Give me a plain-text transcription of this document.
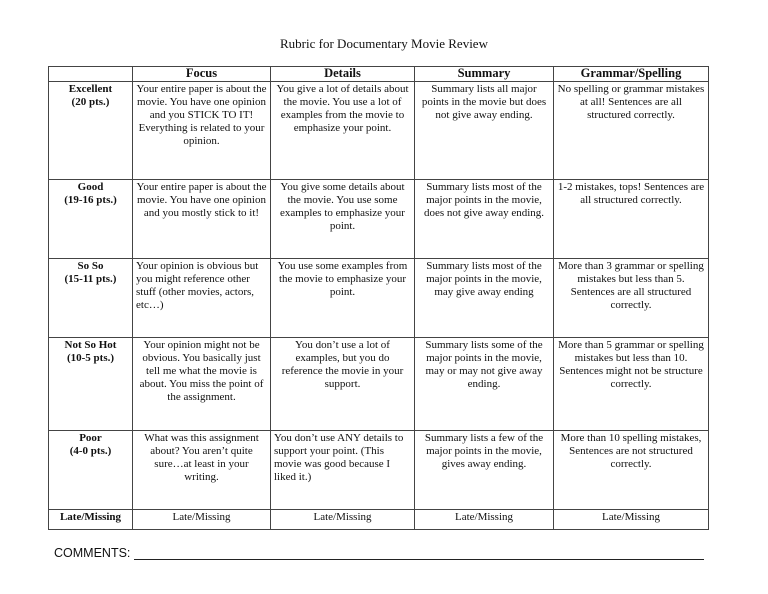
Rubric for Documentary Movie Review
	Focus	Details	Summary	Grammar/Spelling

Excellent
(20 pts.)	Your entire paper is about the movie. You have one opinion and you STICK TO IT! Everything is related to your opinion.	You give a lot of details about the movie. You use a lot of examples from the movie to emphasize your point.	Summary lists all major points in the movie but does not give away ending.	No spelling or grammar mistakes at all! Sentences are all structured correctly.

Good
(19-16 pts.)	Your entire paper is about the movie. You have one opinion and you mostly stick to it!	You give some details about the movie. You use some examples to emphasize your point.	Summary lists most of the major points in the movie, does not give away ending.	1-2 mistakes, tops! Sentences are all structured correctly.

So So
(15-11 pts.)	Your opinion is obvious but you might reference other stuff (other movies, actors, etc…)	You use some examples from the movie to emphasize your point.	Summary lists most of the major points in the movie, may give away ending	More than 3 grammar or spelling mistakes but less than 5. Sentences are all structured correctly.

Not So Hot
(10-5 pts.)	Your opinion might not be obvious. You basically just tell me what the movie is about. You miss the point of the assignment.	You don’t use a lot of examples, but you do reference the movie in your support.	Summary lists some of the major points in the movie, may or may not give away ending.	More than 5 grammar or spelling mistakes but less than 10. Sentences might not be structure correctly.

Poor
(4-0 pts.)	What was this assignment about? You aren’t quite sure…at least in your writing.	You don’t use ANY details to support your point. (This movie was good because I liked it.)	Summary lists a few of the major points in the movie, gives away ending.	More than 10 spelling mistakes, Sentences are not structured correctly.

Late/Missing	Late/Missing	Late/Missing	Late/Missing	Late/Missing
COMMENTS:
